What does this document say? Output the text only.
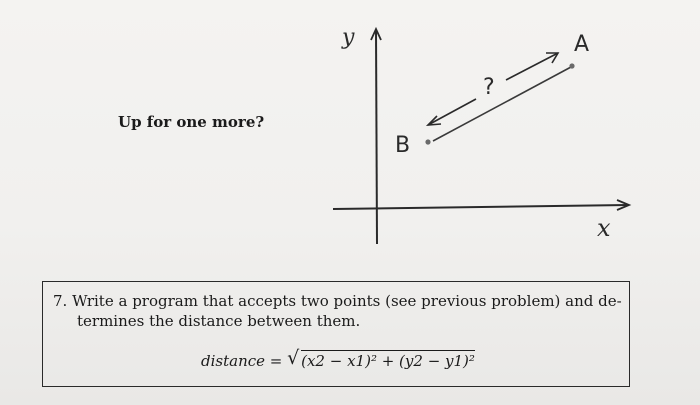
y
x
?
A
B
Up for one more?
7. Write a program that accepts two points (see previous problem) and de-
termines the distance between them.
distance = √ (x2 − x1)² + (y2 − y1)²
